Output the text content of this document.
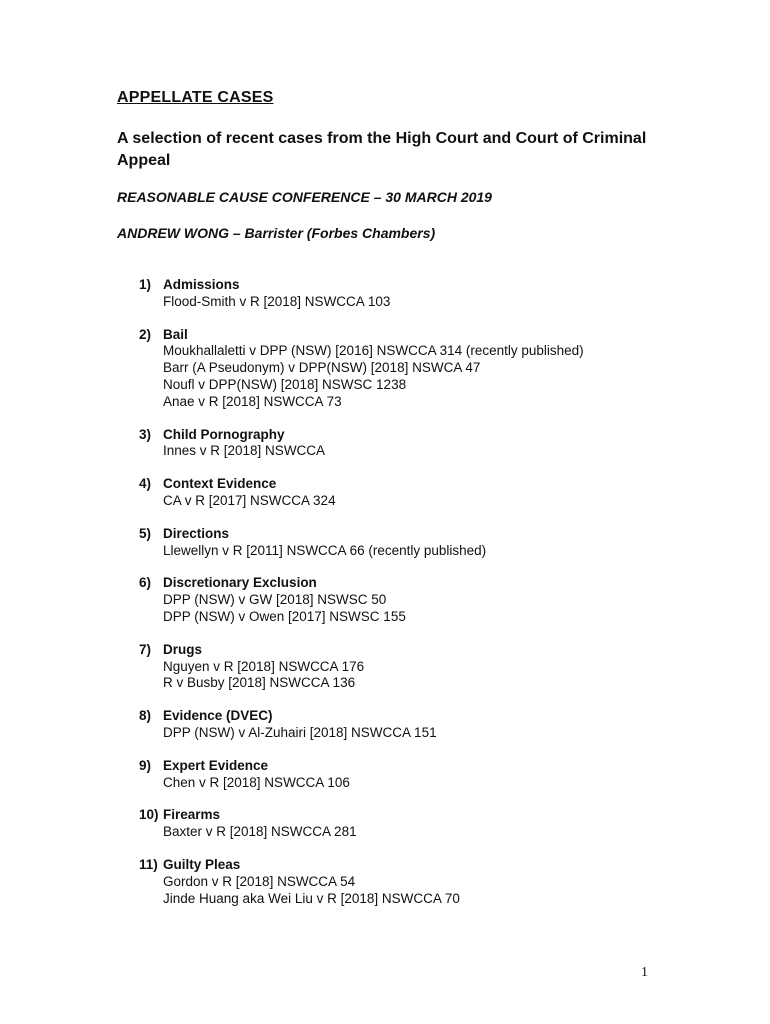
APPELLATE CASES
A selection of recent cases from the High Court and Court of Criminal Appeal
REASONABLE CAUSE CONFERENCE – 30 MARCH 2019
ANDREW WONG – Barrister (Forbes Chambers)
1) Admissions
Flood-Smith v R [2018] NSWCCA 103
2) Bail
Moukhallaletti v DPP (NSW) [2016] NSWCCA 314 (recently published)
Barr (A Pseudonym) v DPP(NSW) [2018] NSWCA 47
Noufl v DPP(NSW) [2018] NSWSC 1238
Anae v R [2018] NSWCCA 73
3) Child Pornography
Innes v R [2018] NSWCCA
4) Context Evidence
CA v R [2017] NSWCCA 324
5) Directions
Llewellyn v R [2011] NSWCCA 66 (recently published)
6) Discretionary Exclusion
DPP (NSW) v GW [2018] NSWSC 50
DPP (NSW) v Owen [2017] NSWSC 155
7) Drugs
Nguyen v R [2018] NSWCCA 176
R v Busby [2018] NSWCCA 136
8) Evidence (DVEC)
DPP (NSW) v Al-Zuhairi [2018] NSWCCA 151
9) Expert Evidence
Chen v R [2018] NSWCCA 106
10) Firearms
Baxter v R [2018] NSWCCA 281
11) Guilty Pleas
Gordon v R [2018] NSWCCA 54
Jinde Huang aka Wei Liu v R [2018] NSWCCA 70
1
